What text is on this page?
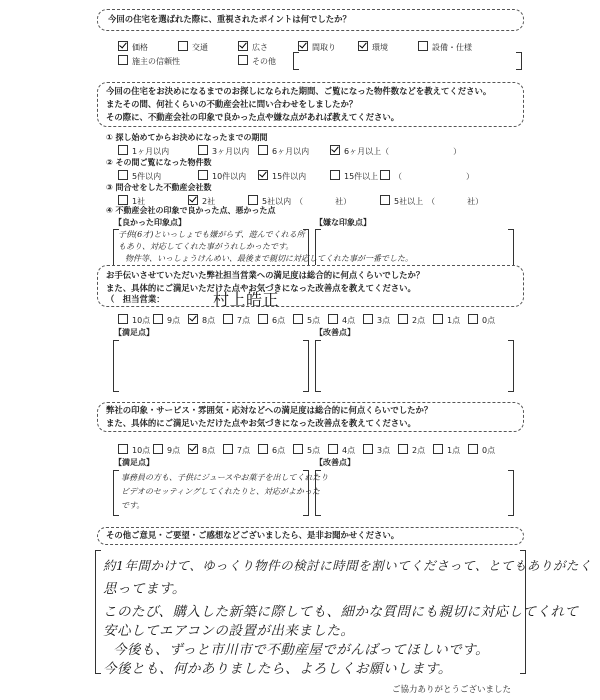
今回の住宅を選ばれた際に、重視されたポイントは何でしたか？
価格	交通	広さ	間取り	環境	設備・仕様
施主の信頼性	その他
今回の住宅をお決めになるまでのお探しになられた期間、ご覧になった物件数などを教えてください。
またその間、何社くらいの不動産会社に問い合わせをしましたか？
その際に、不動産会社の印象で良かった点や嫌な点があれば教えてください。
① 探し始めてからお決めになったまでの期間
1ヶ月以内	3ヶ月以内	6ヶ月以内	6ヶ月以上（　　　　　　　　）
② その間ご覧になった物件数
5件以内	10件以内	15件以内	15件以上	（　　　　　　　　）
③ 問合せをした不動産会社数
1社	2社	5社以内　（　　　　社）	5社以上　（　　　　社）
④ 不動産会社の印象で良かった点、悪かった点
【良かった印象点】	【嫌な印象点】
子供(6才)といっしょでも嫌がらず、遊んでくれる所
もあり、対応してくれた事がうれしかったです。
物件等、いっしょうけんめい、最後まで親切に対応してくれた事が一番でした。
お手伝いさせていただいた弊社担当営業への満足度は総合的に何点くらいでしたか？
また、具体的にご満足いただけた点やお気づきになった改善点を教えてください。
（　担当営業：	村上皓正
10点	9点	8点	7点	6点	5点	4点	3点	2点	1点	0点
【満足点】	【改善点】
弊社の印象・サービス・雰囲気・応対などへの満足度は総合的に何点くらいでしたか？
また、具体的にご満足いただけた点やお気づきになった改善点を教えてください。
10点	9点	8点	7点	6点	5点	4点	3点	2点	1点	0点
【満足点】	【改善点】
事務員の方も、子供にジュースやお菓子を出してくれたり
ビデオのセッティングしてくれたりと、対応がよかった
です。
その他ご意見・ご要望・ご感想などございましたら、是非お聞かせください。
約1年間かけて、ゆっくり物件の検討に時間を割いてくださって、とてもありがたく
思ってます。
このたび、購入した新築に際しても、細かな質問にも親切に対応してくれて
安心してエアコンの設置が出来ました。
今後も、ずっと市川市で不動産屋でがんばってほしいです。
今後とも、何かありましたら、よろしくお願いします。
ご協力ありがとうございました
